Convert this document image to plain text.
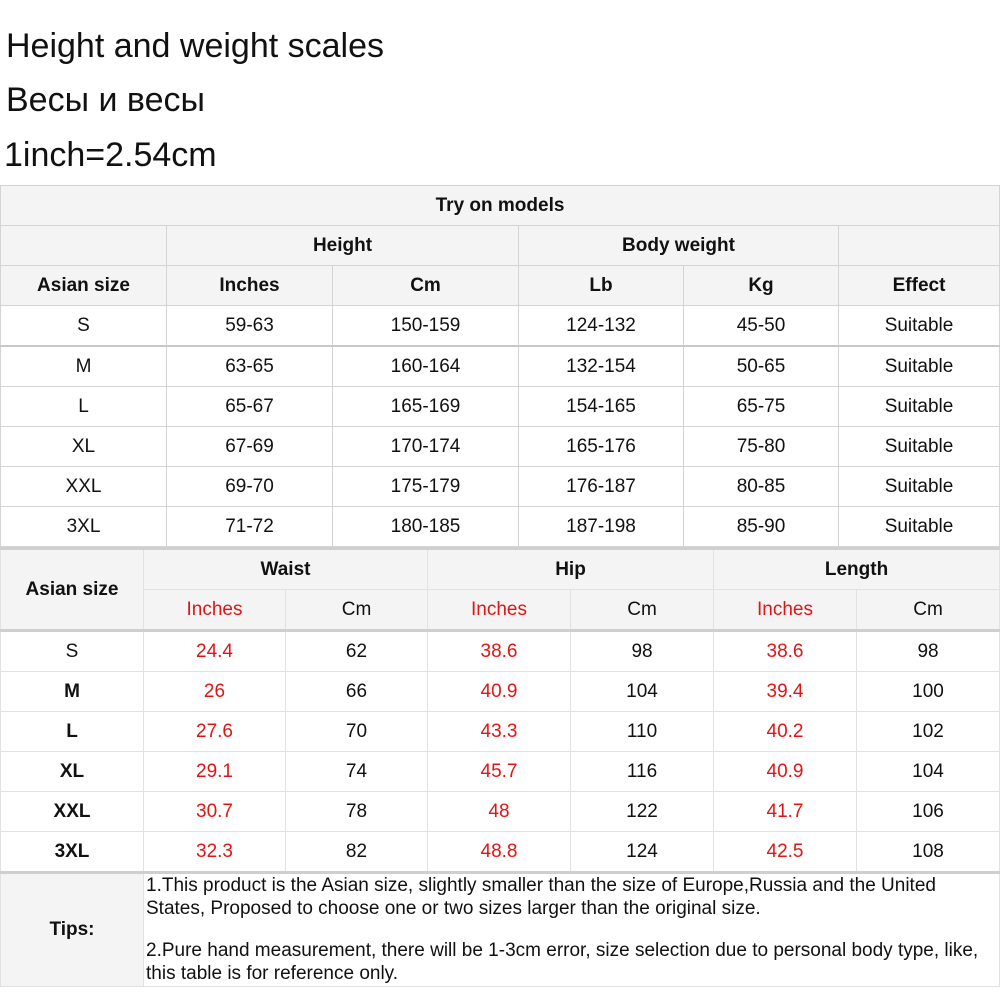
Height and weight scales
Весы и весы
1inch=2.54cm
Try on models					
	Height		Body weight		
Asian size	Inches	Cm	Lb	Kg	Effect
S	59-63	150-159	124-132	45-50	Suitable
M	63-65	160-164	132-154	50-65	Suitable
L	65-67	165-169	154-165	65-75	Suitable
XL	67-69	170-174	165-176	75-80	Suitable
XXL	69-70	175-179	176-187	80-85	Suitable
3XL	71-72	180-185	187-198	85-90	Suitable
Asian size	Waist		Hip		Length	
	Inches	Cm	Inches	Cm	Inches	Cm
S	24.4	62	38.6	98	38.6	98
M	26	66	40.9	104	39.4	100
L	27.6	70	43.3	110	40.2	102
XL	29.1	74	45.7	116	40.9	104
XXL	30.7	78	48	122	41.7	106
3XL	32.3	82	48.8	124	42.5	108
Tips:	1.This product is the Asian size, slightly smaller than the size of Europe,Russia and the United States, Proposed to choose one or two sizes larger than the original size.
2.Pure hand measurement, there will be 1-3cm error, size selection due to personal body type, like, this table is for reference only.					
